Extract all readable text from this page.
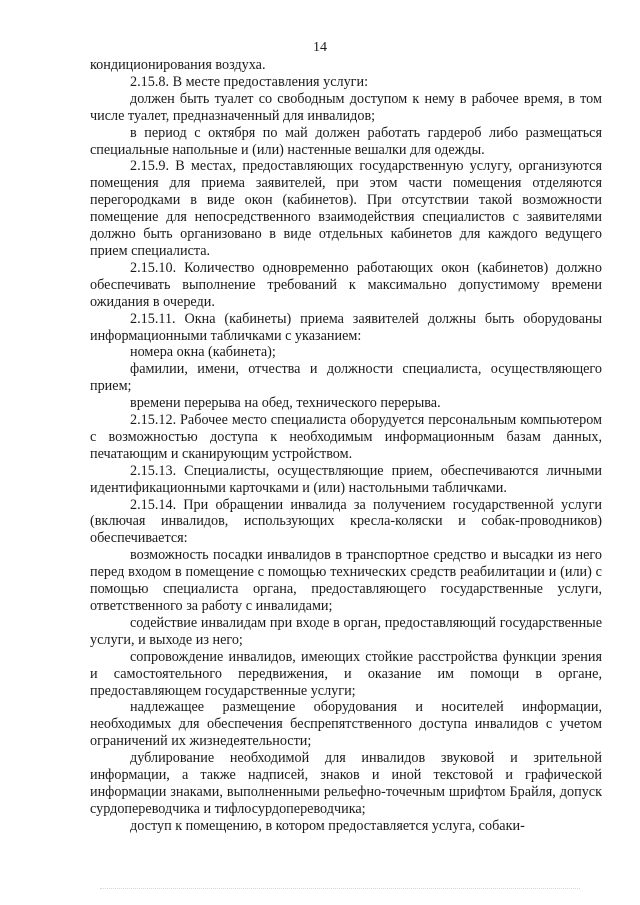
14

кондиционирования воздуха.

2.15.8. В месте предоставления услуги:

должен быть туалет со свободным доступом к нему в рабочее время, в том числе туалет, предназначенный для инвалидов;

в период с октября по май должен работать гардероб либо размещаться специальные напольные и (или) настенные вешалки для одежды.

2.15.9. В местах, предоставляющих государственную услугу, организуются помещения для приема заявителей, при этом части помещения отделяются перегородками в виде окон (кабинетов). При отсутствии такой возможности помещение для непосредственного взаимодействия специалистов с заявителями должно быть организовано в виде отдельных кабинетов для каждого ведущего прием специалиста.

2.15.10. Количество одновременно работающих окон (кабинетов) должно обеспечивать выполнение требований к максимально допустимому времени ожидания в очереди.

2.15.11. Окна (кабинеты) приема заявителей должны быть оборудованы информационными табличками с указанием:

номера окна (кабинета);

фамилии, имени, отчества и должности специалиста, осуществляющего прием;

времени перерыва на обед, технического перерыва.

2.15.12. Рабочее место специалиста оборудуется персональным компьютером с возможностью доступа к необходимым информационным базам данных, печатающим и сканирующим устройством.

2.15.13. Специалисты, осуществляющие прием, обеспечиваются личными идентификационными карточками и (или) настольными табличками.

2.15.14. При обращении инвалида за получением государственной услуги (включая инвалидов, использующих кресла-коляски и собак-проводников) обеспечивается:

возможность посадки инвалидов в транспортное средство и высадки из него перед входом в помещение с помощью технических средств реабилитации и (или) с помощью специалиста органа, предоставляющего государственные услуги, ответственного за работу с инвалидами;

содействие инвалидам при входе в орган, предоставляющий государственные услуги, и выходе из него;

сопровождение инвалидов, имеющих стойкие расстройства функции зрения и самостоятельного передвижения, и оказание им помощи в органе, предоставляющем государственные услуги;

надлежащее размещение оборудования и носителей информации, необходимых для обеспечения беспрепятственного доступа инвалидов с учетом ограничений их жизнедеятельности;

дублирование необходимой для инвалидов звуковой и зрительной информации, а также надписей, знаков и иной текстовой и графической информации знаками, выполненными рельефно-точечным шрифтом Брайля, допуск сурдопереводчика и тифлосурдопереводчика;

доступ к помещению, в котором предоставляется услуга, собаки-
